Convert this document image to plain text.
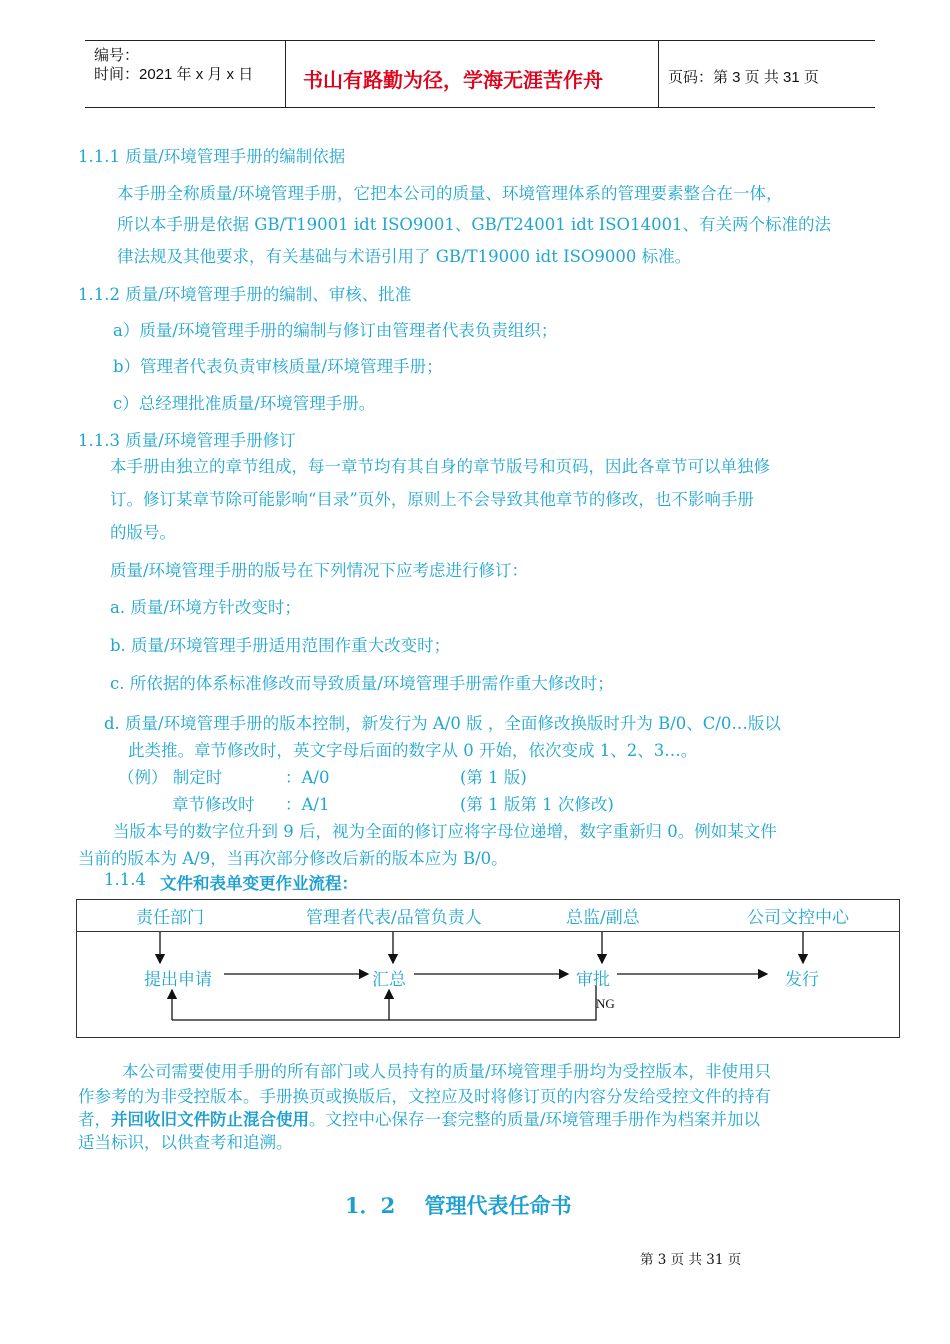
编号：
时间：2021 年 x 月 x 日 书山有路勤为径，学海无涯苦作舟	页码：第 3 页 共 31 页
1.1.1 质量/环境管理手册的编制依据
本手册全称质量/环境管理手册，它把本公司的质量、环境管理体系的管理要素整合在一体，
所以本手册是依据 GB/T19001 idt ISO9001、GB/T24001 idt ISO14001、有关两个标准的法
律法规及其他要求，有关基础与术语引用了 GB/T19000 idt ISO9000 标准。
1.1.2 质量/环境管理手册的编制、审核、批准
a）质量/环境管理手册的编制与修订由管理者代表负责组织；
b）管理者代表负责审核质量/环境管理手册；
c）总经理批准质量/环境管理手册。
1.1.3 质量/环境管理手册修订
本手册由独立的章节组成，每一章节均有其自身的章节版号和页码，因此各章节可以单独修
订。修订某章节除可能影响“目录”页外，原则上不会导致其他章节的修改，也不影响手册
的版号。
质量/环境管理手册的版号在下列情况下应考虑进行修订：
a. 质量/环境方针改变时；
b. 质量/环境管理手册适用范围作重大改变时；
c. 所依据的体系标准修改而导致质量/环境管理手册需作重大修改时；
d. 质量/环境管理手册的版本控制，新发行为 A/0 版 ，全面修改换版时升为 B/0、C/0…版以
此类推。章节修改时，英文字母后面的数字从 0 开始，依次变成 1、2、3…。
（例） 制定时	：A/0	(第 1 版)
章节修改时 ：A/1	(第 1 版第 1 次修改)
当版本号的数字位升到 9 后，视为全面的修订应将字母位递增，数字重新归 0。例如某文件
当前的版本为 A/9，当再次部分修改后新的版本应为 B/0。
1.1.4 文件和表单变更作业流程：
责任部门	管理者代表/品管负责人	总监/副总	公司文控中心
提出申请	汇总	审批	发行
NG
本公司需要使用手册的所有部门或人员持有的质量/环境管理手册均为受控版本，非使用只
作参考的为非受控版本。手册换页或换版后，文控应及时将修订页的内容分发给受控文件的持有
者，并回收旧文件防止混合使用。文控中心保存一套完整的质量/环境管理手册作为档案并加以
适当标识，以供查考和追溯。
1．2    管理代表任命书
第 3 页 共 31 页
